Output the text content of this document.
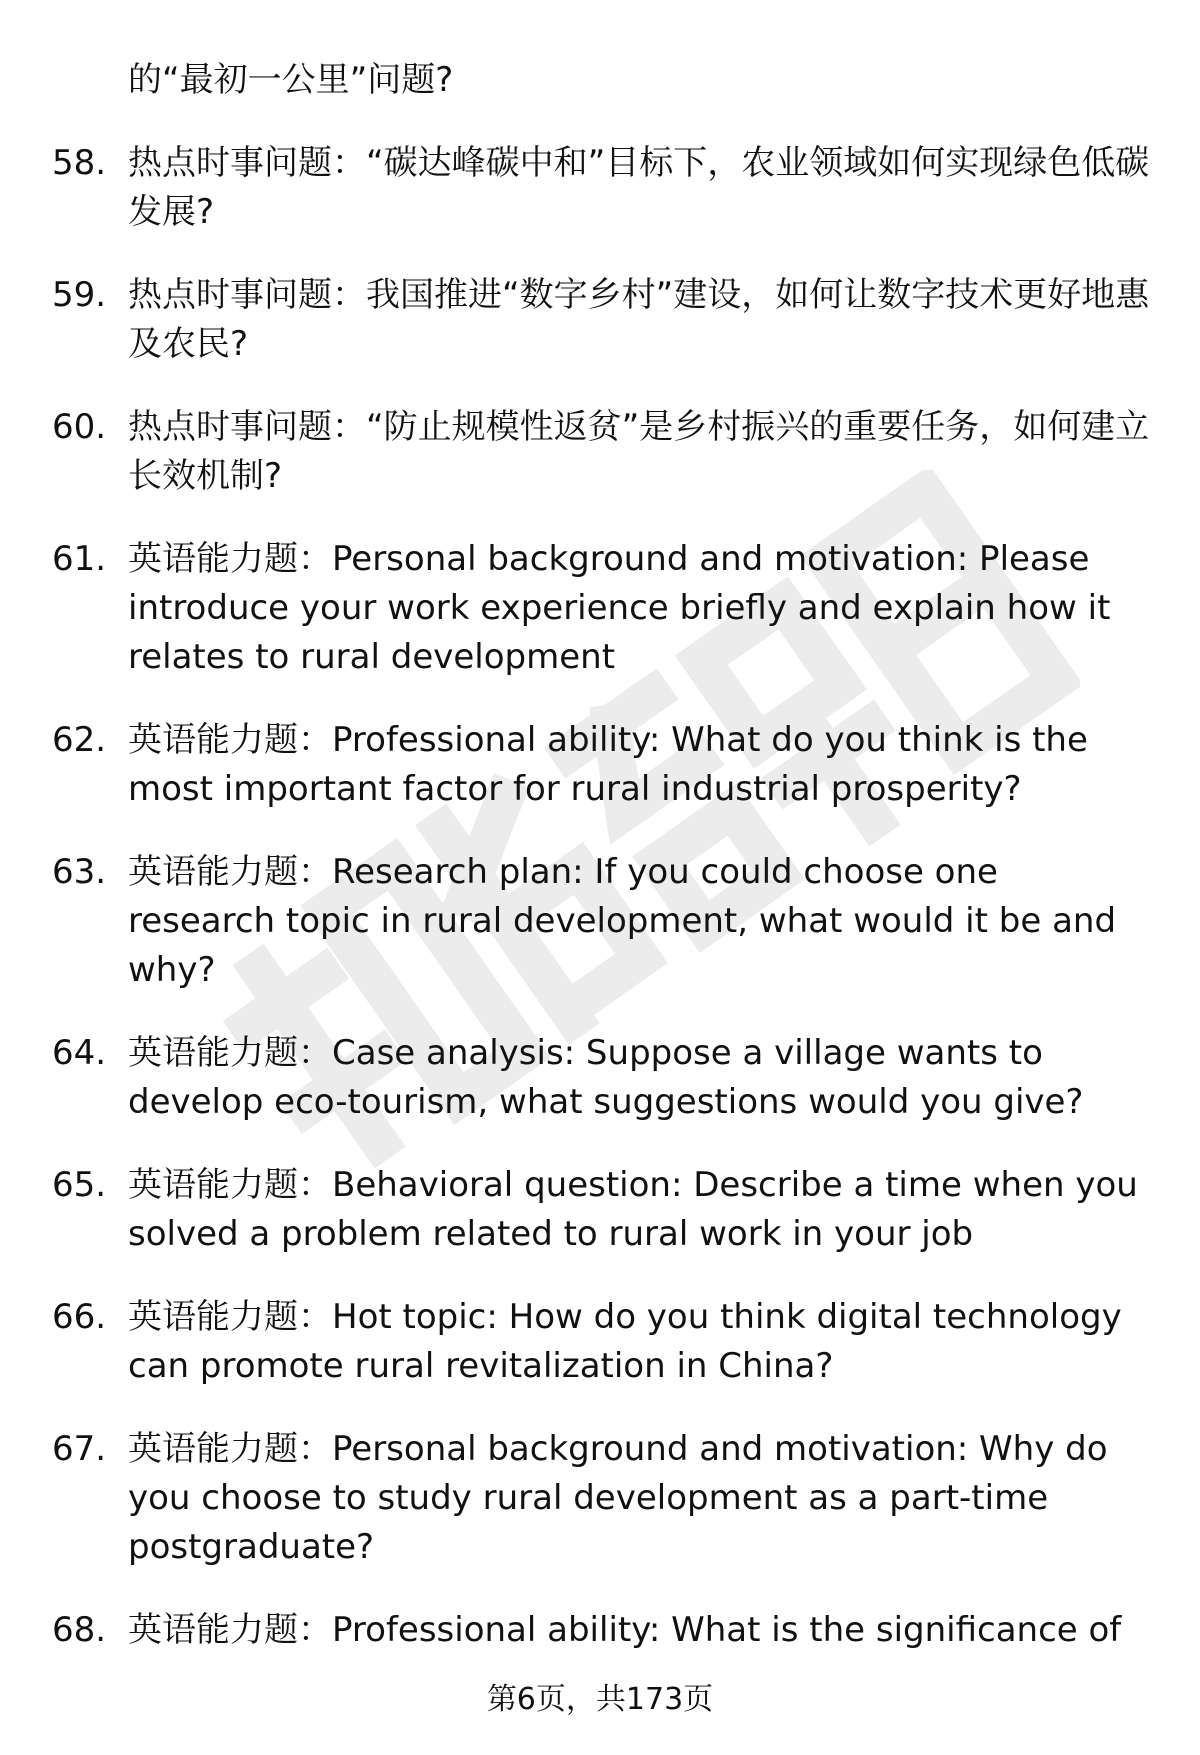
的“最初一公里”问题?
58. 热点时事问题：“碳达峰碳中和”目标下，农业领域如何实现绿色低碳发展?
59. 热点时事问题：我国推进“数字乡村”建设，如何让数字技术更好地惠及农民?
60. 热点时事问题：“防止规模性返贫”是乡村振兴的重要任务，如何建立长效机制?
61. 英语能力题：Personal background and motivation: Please introduce your work experience briefly and explain how it relates to rural development
62. 英语能力题：Professional ability: What do you think is the most important factor for rural industrial prosperity?
63. 英语能力题：Research plan: If you could choose one research topic in rural development, what would it be and why?
64. 英语能力题：Case analysis: Suppose a village wants to develop eco-tourism, what suggestions would you give?
65. 英语能力题：Behavioral question: Describe a time when you solved a problem related to rural work in your job
66. 英语能力题：Hot topic: How do you think digital technology can promote rural revitalization in China?
67. 英语能力题：Personal background and motivation: Why do you choose to study rural development as a part-time postgraduate?
68. 英语能力题：Professional ability: What is the significance of
第6页，共173页
